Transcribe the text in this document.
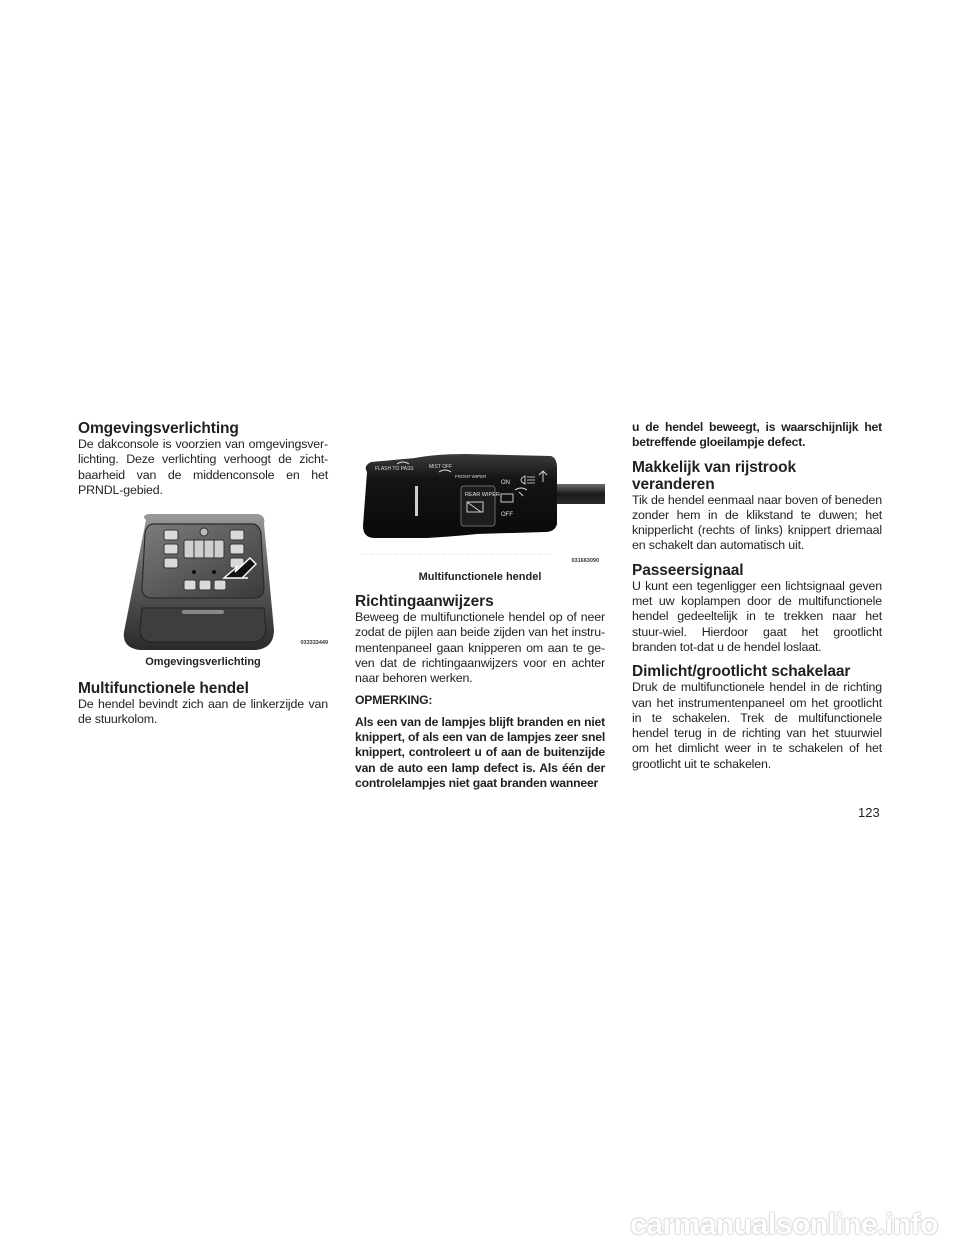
Omgevingsverlichting

De dakconsole is voorzien van omgevingsver-lichting. Deze verlichting verhoogt de zicht-baarheid van de middenconsole en het PRNDL-gebied.

033333449

Omgevingsverlichting

Multifunctionele hendel

De hendel bevindt zich aan de linkerzijde van de stuurkolom.

FLASH TO PASS	MIST OFF
FRONT WIPER
REAR WIPER
ON
OFF
031663090

Multifunctionele hendel

Richtingaanwijzers

Beweeg de multifunctionele hendel op of neer zodat de pijlen aan beide zijden van het instru-mentenpaneel gaan knipperen om aan te ge-ven dat de richtingaanwijzers voor en achter naar behoren werken.

OPMERKING:

Als een van de lampjes blijft branden en niet knippert, of als een van de lampjes zeer snel knippert, controleert u of aan de buitenzijde van de auto een lamp defect is. Als één der controlelampjes niet gaat branden wanneer

u de hendel beweegt, is waarschijnlijk het betreffende gloeilampje defect.

Makkelijk van rijstrook veranderen

Tik de hendel eenmaal naar boven of beneden zonder hem in de klikstand te duwen; het knipperlicht (rechts of links) knippert driemaal en schakelt dan automatisch uit.

Passeersignaal

U kunt een tegenligger een lichtsignaal geven met uw koplampen door de multifunctionele hendel gedeeltelijk in te trekken naar het stuur-wiel. Hierdoor gaat het grootlicht branden tot-dat u de hendel loslaat.

Dimlicht/grootlicht schakelaar

Druk de multifunctionele hendel in de richting van het instrumentenpaneel om het grootlicht in te schakelen. Trek de multifunctionele hendel terug in de richting van het stuurwiel om het dimlicht weer in te schakelen of het grootlicht uit te schakelen.

123
carmanualsonline.info
